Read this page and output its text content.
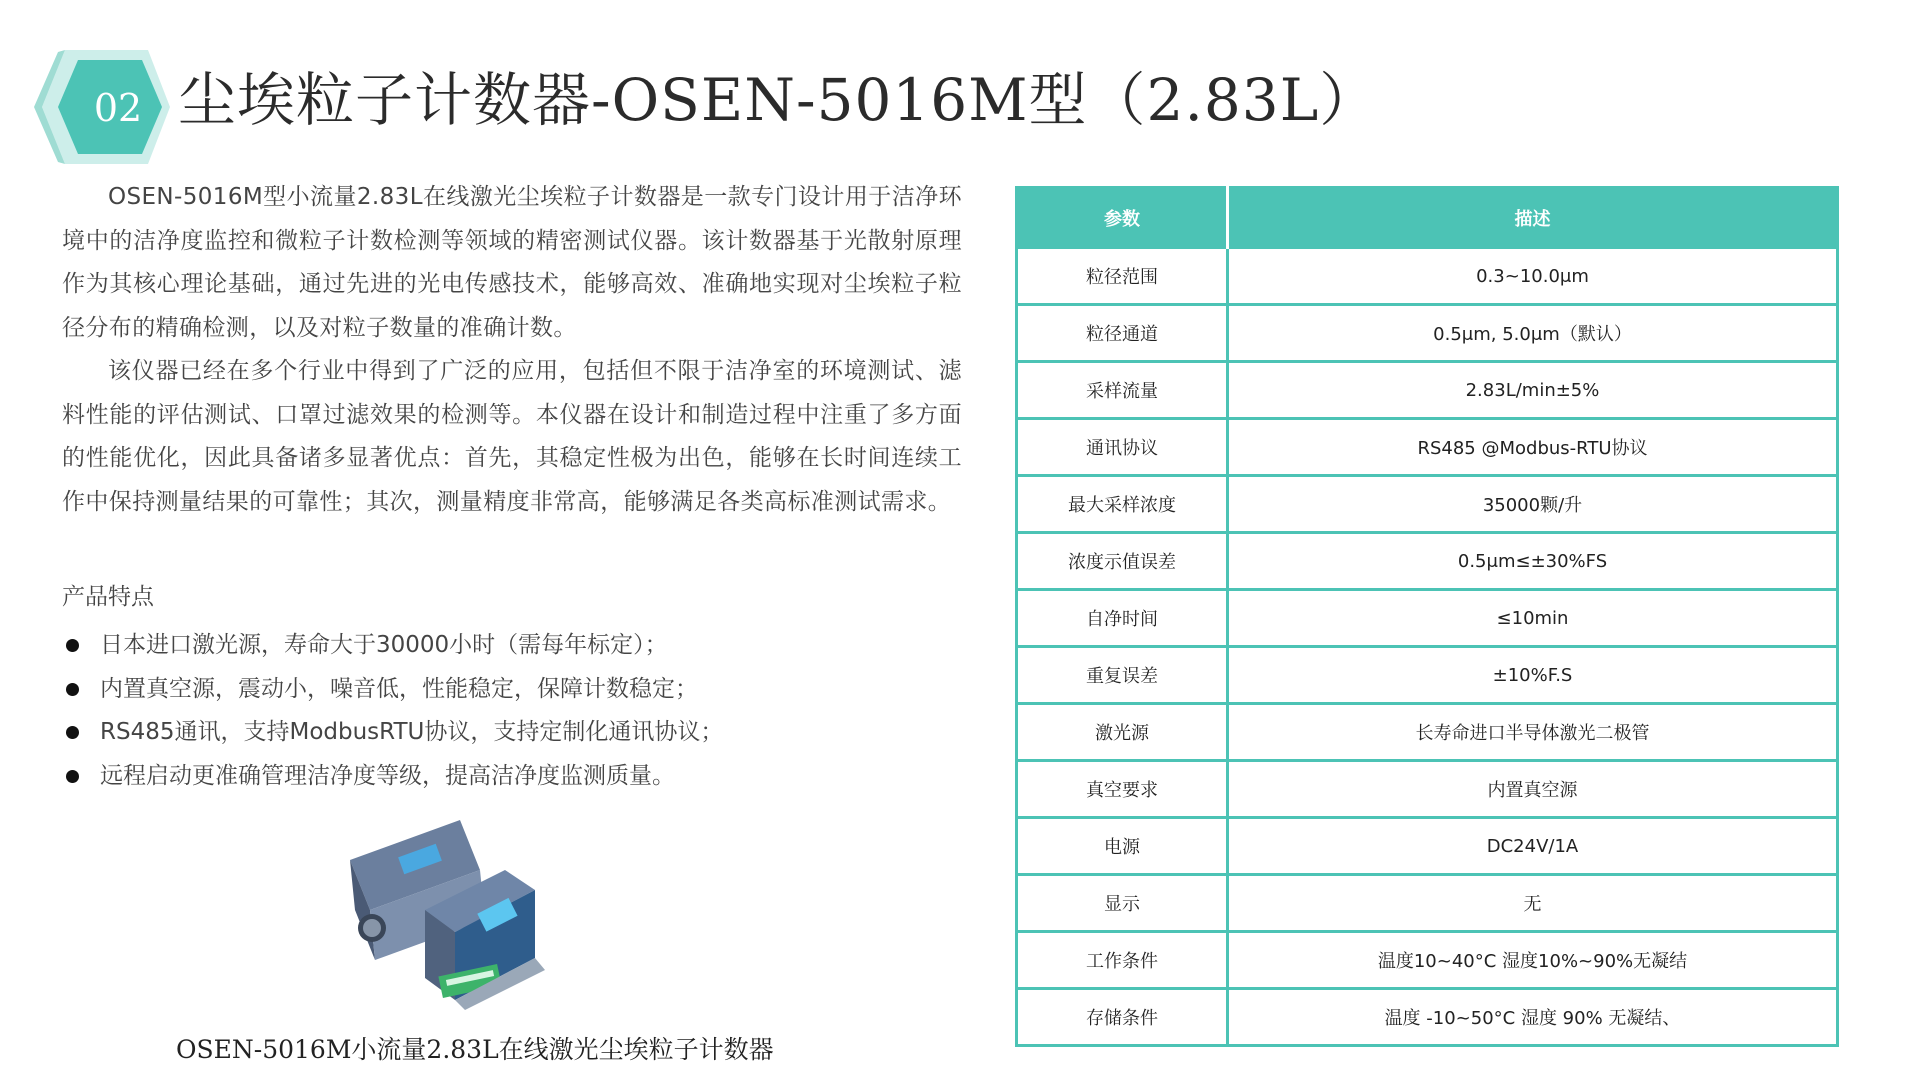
02 尘埃粒子计数器-OSEN-5016M型（2.83L）

OSEN-5016M型小流量2.83L在线激光尘埃粒子计数器是一款专门设计用于洁净环境中的洁净度监控和微粒子计数检测等领域的精密测试仪器。该计数器基于光散射原理作为其核心理论基础，通过先进的光电传感技术，能够高效、准确地实现对尘埃粒子粒径分布的精确检测，以及对粒子数量的准确计数。

该仪器已经在多个行业中得到了广泛的应用，包括但不限于洁净室的环境测试、滤料性能的评估测试、口罩过滤效果的检测等。本仪器在设计和制造过程中注重了多方面的性能优化，因此具备诸多显著优点：首先，其稳定性极为出色，能够在长时间连续工作中保持测量结果的可靠性；其次，测量精度非常高，能够满足各类高标准测试需求。

产品特点
日本进口激光源，寿命大于30000小时（需每年标定）；
内置真空源，震动小，噪音低，性能稳定，保障计数稳定；
RS485通讯，支持ModbusRTU协议，支持定制化通讯协议；
远程启动更准确管理洁净度等级，提高洁净度监测质量。

OSEN-5016M小流量2.83L在线激光尘埃粒子计数器

参数	描述
粒径范围	0.3~10.0μm
粒径通道	0.5μm, 5.0μm（默认）
采样流量	2.83L/min±5%
通讯协议	RS485 @Modbus-RTU协议
最大采样浓度	35000颗/升
浓度示值误差	0.5μm≤±30%FS
自净时间	≤10min
重复误差	±10%F.S
激光源	长寿命进口半导体激光二极管
真空要求	内置真空源
电源	DC24V/1A
显示	无
工作条件	温度10~40°C 湿度10%~90%无凝结
存储条件	温度 -10~50°C 湿度 90% 无凝结、
